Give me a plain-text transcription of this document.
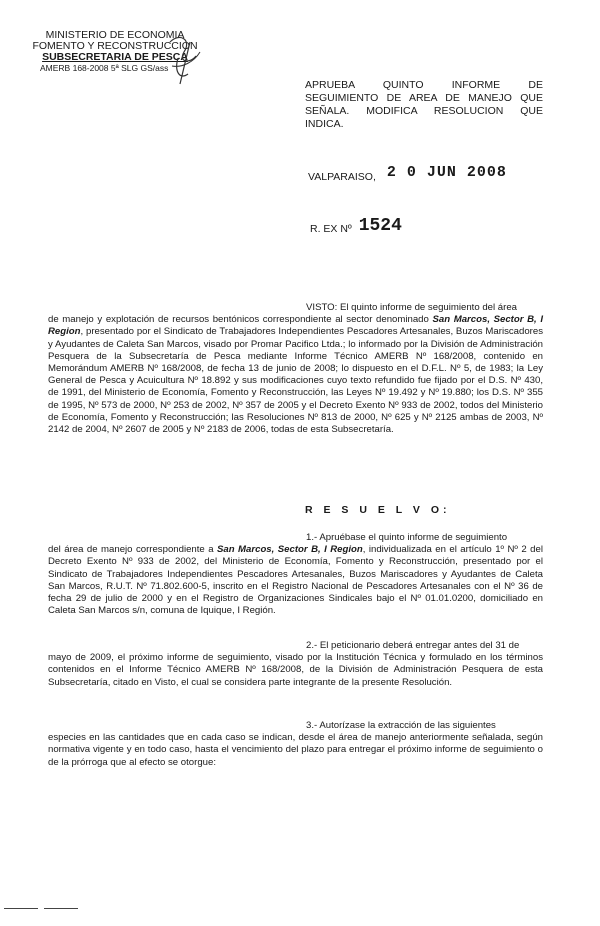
MINISTERIO DE ECONOMIA
FOMENTO Y RECONSTRUCCION
SUBSECRETARIA DE PESCA
AMERB 168-2008 5ª SLG GS/ass
APRUEBA QUINTO INFORME DE
SEGUIMIENTO DE AREA DE MANEJO QUE
SEÑALA. MODIFICA RESOLUCION QUE
INDICA.
VALPARAISO, 2 0 JUN 2008
R. EX Nº 1524
VISTO: El quinto informe de seguimiento del área
de manejo y explotación de recursos bentónicos correspondiente al sector denominado San Marcos, Sector B, I Region, presentado por el Sindicato de Trabajadores Independientes Pescadores Artesanales, Buzos Mariscadores y Ayudantes de Caleta San Marcos, visado por Promar Pacifico Ltda.; lo informado por la División de Administración Pesquera de la Subsecretaría de Pesca mediante Informe Técnico AMERB Nº 168/2008, contenido en Memorándum AMERB Nº 168/2008, de fecha 13 de junio de 2008; lo dispuesto en el D.F.L. Nº 5, de 1983; la Ley General de Pesca y Acuicultura Nº 18.892 y sus modificaciones cuyo texto refundido fue fijado por el D.S. Nº 430, de 1991, del Ministerio de Economía, Fomento y Reconstrucción, las Leyes Nº 19.492 y Nº 19.880; los D.S. Nº 355 de 1995, Nº 573 de 2000, Nº 253 de 2002, Nº 357 de 2005 y el Decreto Exento Nº 933 de 2002, todos del Ministerio de Economía, Fomento y Reconstrucción; las Resoluciones Nº 813 de 2000, Nº 625 y Nº 2125 ambas de 2003, Nº 2142 de 2004, Nº 2607 de 2005 y Nº 2183 de 2006, todas de esta Subsecretaría.
R E S U E L V O:
1.- Apruébase el quinto informe de seguimiento
del área de manejo correspondiente a San Marcos, Sector B, I Region, individualizada en el artículo 1º Nº 2 del Decreto Exento Nº 933 de 2002, del Ministerio de Economía, Fomento y Reconstrucción, presentado por el Sindicato de Trabajadores Independientes Pescadores Artesanales, Buzos Mariscadores y Ayudantes de Caleta San Marcos, R.U.T. Nº 71.802.600-5, inscrito en el Registro Nacional de Pescadores Artesanales con el Nº 36 de fecha 29 de julio de 2000 y en el Registro de Organizaciones Sindicales bajo el Nº 01.01.0200, domiciliado en Caleta San Marcos s/n, comuna de Iquique, I Región.
2.- El peticionario deberá entregar antes del 31 de
mayo de 2009, el próximo informe de seguimiento, visado por la Institución Técnica y formulado en los términos contenidos en el Informe Técnico AMERB Nº 168/2008, de la División de Administración Pesquera de esta Subsecretaría, citado en Visto, el cual se considera parte integrante de la presente Resolución.
3.- Autorízase la extracción de las siguientes
especies en las cantidades que en cada caso se indican, desde el área de manejo anteriormente señalada, según normativa vigente y en todo caso, hasta el vencimiento del plazo para entregar el próximo informe de seguimiento o de la prórroga que al efecto se otorgue:
